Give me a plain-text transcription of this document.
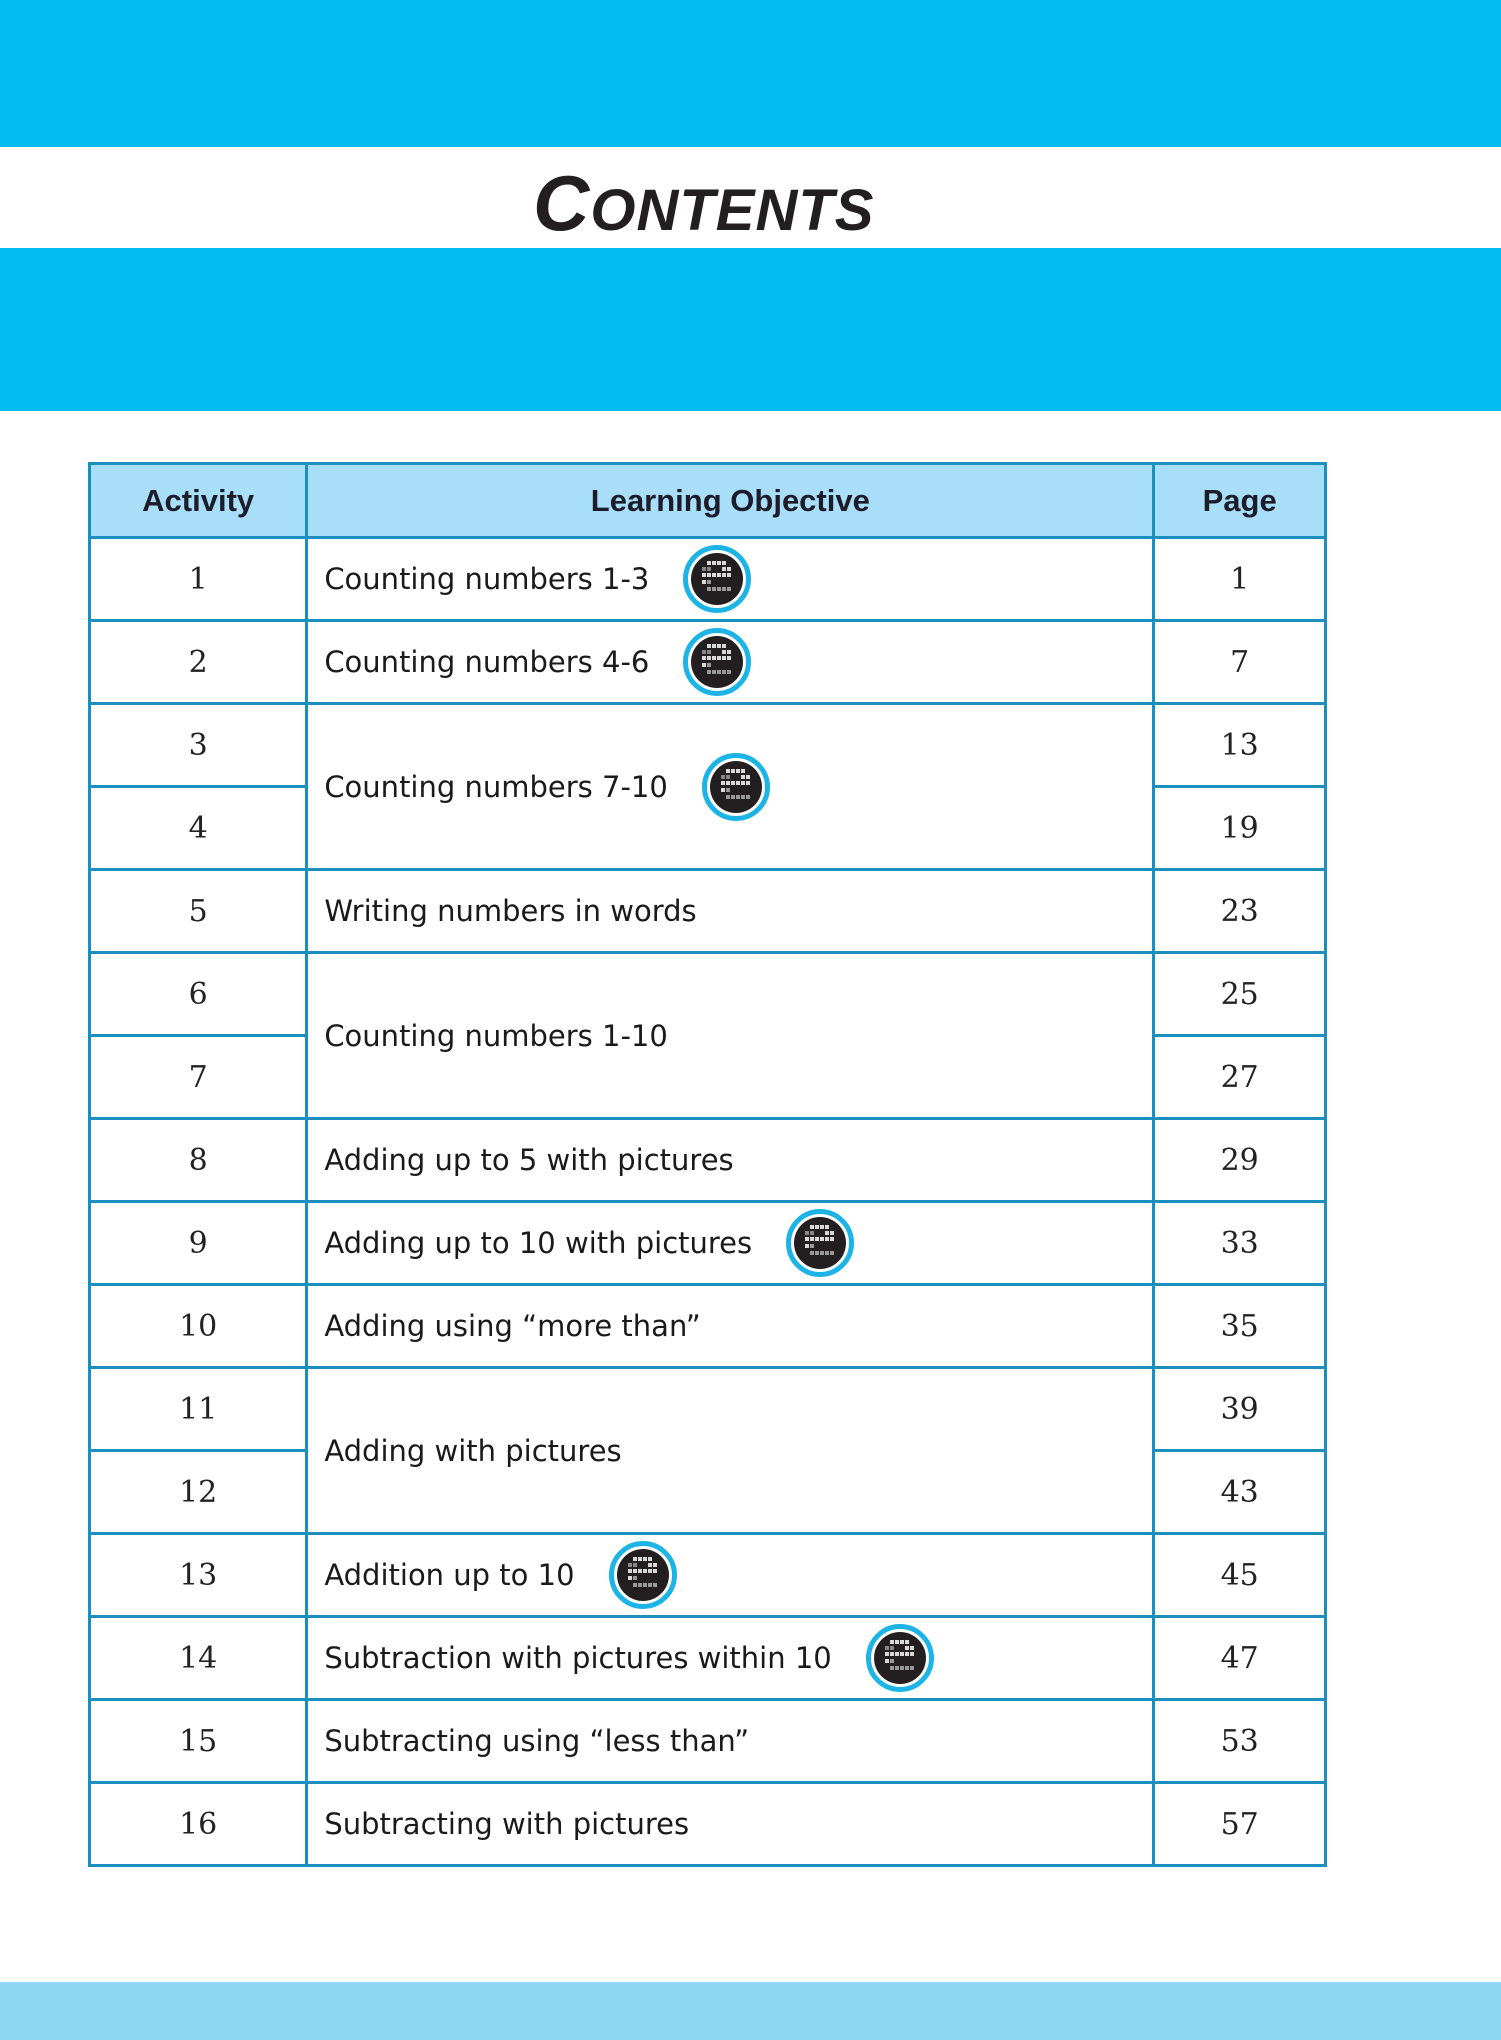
CONTENTS
Activity	Learning Objective	Page
1	Counting numbers 1-3	1
2	Counting numbers 4-6	7
3	Counting numbers 7-10	13
4		19
5	Writing numbers in words	23
6	Counting numbers 1-10	25
7		27
8	Adding up to 5 with pictures	29
9	Adding up to 10 with pictures	33
10	Adding using “more than”	35
11	Adding with pictures	39
12		43
13	Addition up to 10	45
14	Subtraction with pictures within 10	47
15	Subtracting using “less than”	53
16	Subtracting with pictures	57
